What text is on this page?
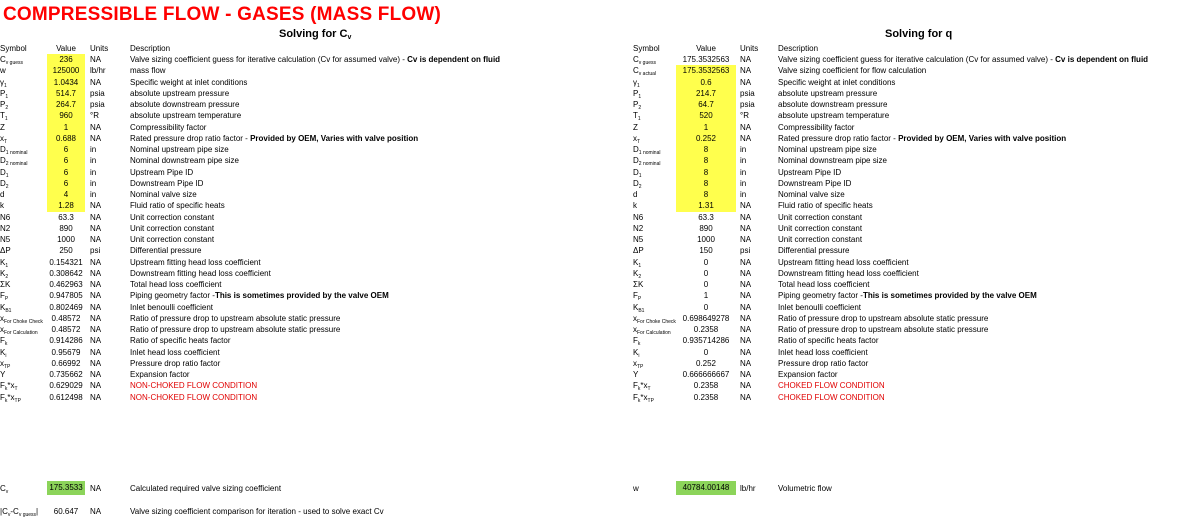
COMPRESSIBLE FLOW - GASES (MASS FLOW)
Solving for $C_v$	Solving for q
Symbol	Value	Units	Description
$C_{v guess}$	236	NA	Valve sizing coefficient guess for iterative calculation (Cv for assumed valve) - Cv is dependent on fluid
w	125000	lb/hr	mass flow
$\gamma_1$	1.0434	NA	Specific weight at inlet conditions
$P_1$	514.7	psia	absolute upstream pressure
$P_2$	264.7	psia	absolute downstream pressure
$T_1$	960	°R	absolute upstream temperature
Z	1	NA	Compressibility factor
$x_T$	0.688	NA	Rated pressure drop ratio factor - Provided by OEM, Varies with valve position
$D_{1 nominal}$	6	in	Nominal upstream pipe size
$D_{2 nominal}$	6	in	Nominal downstream pipe size
$D_1$	6	in	Upstream Pipe ID
$D_2$	6	in	Downstream Pipe ID
d	4	in	Nominal valve size
k	1.28	NA	Fluid ratio of specific heats
N6	63.3	NA	Unit correction constant
N2	890	NA	Unit correction constant
N5	1000	NA	Unit correction constant
ΔP	250	psi	Differential pressure
$K_1$	0.154321 NA	Upstream fitting head loss coefficient
$K_2$	0.308642 NA	Downstream fitting head loss coefficient
ΣK	0.462963 NA	Total head loss coefficient
$F_P$	0.947805 NA	Piping geometry factor -This is sometimes provided by the valve OEM
$K_{B1}$	0.802469 NA	Inlet benoulli coefficient
$x_{For Choke Check}$	0.48572	NA	Ratio of pressure drop to upstream absolute static pressure
$x_{For Calculation}$	0.48572	NA	Ratio of pressure drop to upstream absolute static pressure
$F_k$	0.914286 NA	Ratio of specific heats factor
$K_i$	0.95679	NA	Inlet head loss coefficient
$x_{TP}$	0.66992	NA	Pressure drop ratio factor
Y	0.735662 NA	Expansion factor
$F_k*x_T$	0.629029 NA	NON-CHOKED FLOW CONDITION
$F_k*x_{TP}$	0.612498 NA	NON-CHOKED FLOW CONDITION
$C_v$	175.3533 NA	Calculated required valve sizing coefficient
$|C_v-C_{v guess}|$	60.647	NA	Valve sizing coefficient comparison for iteration - used to solve exact Cv
Symbol	Value	Units Description
$C_{v guess}$	175.3532563	NA	Valve sizing coefficient guess for iterative calculation (Cv for assumed valve) - Cv is dependent on fluid
$C_{v actual}$	175.3532563	NA	Valve sizing coefficient for flow calculation
$\gamma_1$	0.6	NA	Specific weight at inlet conditions
$P_1$	214.7	psia	absolute upstream pressure
$P_2$	64.7	psia	absolute downstream pressure
$T_1$	520	°R	absolute upstream temperature
Z	1	NA	Compressibility factor
$x_T$	0.252	NA	Rated pressure drop ratio factor - Provided by OEM, Varies with valve position
$D_{1 nominal}$	8	in	Nominal upstream pipe size
$D_{2 nominal}$	8	in	Nominal downstream pipe size
$D_1$	8	in	Upstream Pipe ID
$D_2$	8	in	Downstream Pipe ID
d	8	in	Nominal valve size
k	1.31	NA	Fluid ratio of specific heats
N6	63.3	NA	Unit correction constant
N2	890	NA	Unit correction constant
N5	1000	NA	Unit correction constant
ΔP	150	psi	Differential pressure
$K_1$	0	NA	Upstream fitting head loss coefficient
$K_2$	0	NA	Downstream fitting head loss coefficient
ΣK	0	NA	Total head loss coefficient
$F_P$	1	NA	Piping geometry factor -This is sometimes provided by the valve OEM
$K_{B1}$	0	NA	Inlet benoulli coefficient
$x_{For Choke Check}$ 0.698649278	NA	Ratio of pressure drop to upstream absolute static pressure
$x_{For Calculation}$	0.2358	NA	Ratio of pressure drop to upstream absolute static pressure
$F_k$	0.935714286	NA	Ratio of specific heats factor
$K_i$	0	NA	Inlet head loss coefficient
$x_{TP}$	0.252	NA	Pressure drop ratio factor
Y	0.666666667	NA	Expansion factor
$F_k*x_T$	0.2358	NA	CHOKED FLOW CONDITION
$F_k*x_{TP}$	0.2358	NA	CHOKED FLOW CONDITION
w	40784.00148	lb/hr	Volumetric flow
